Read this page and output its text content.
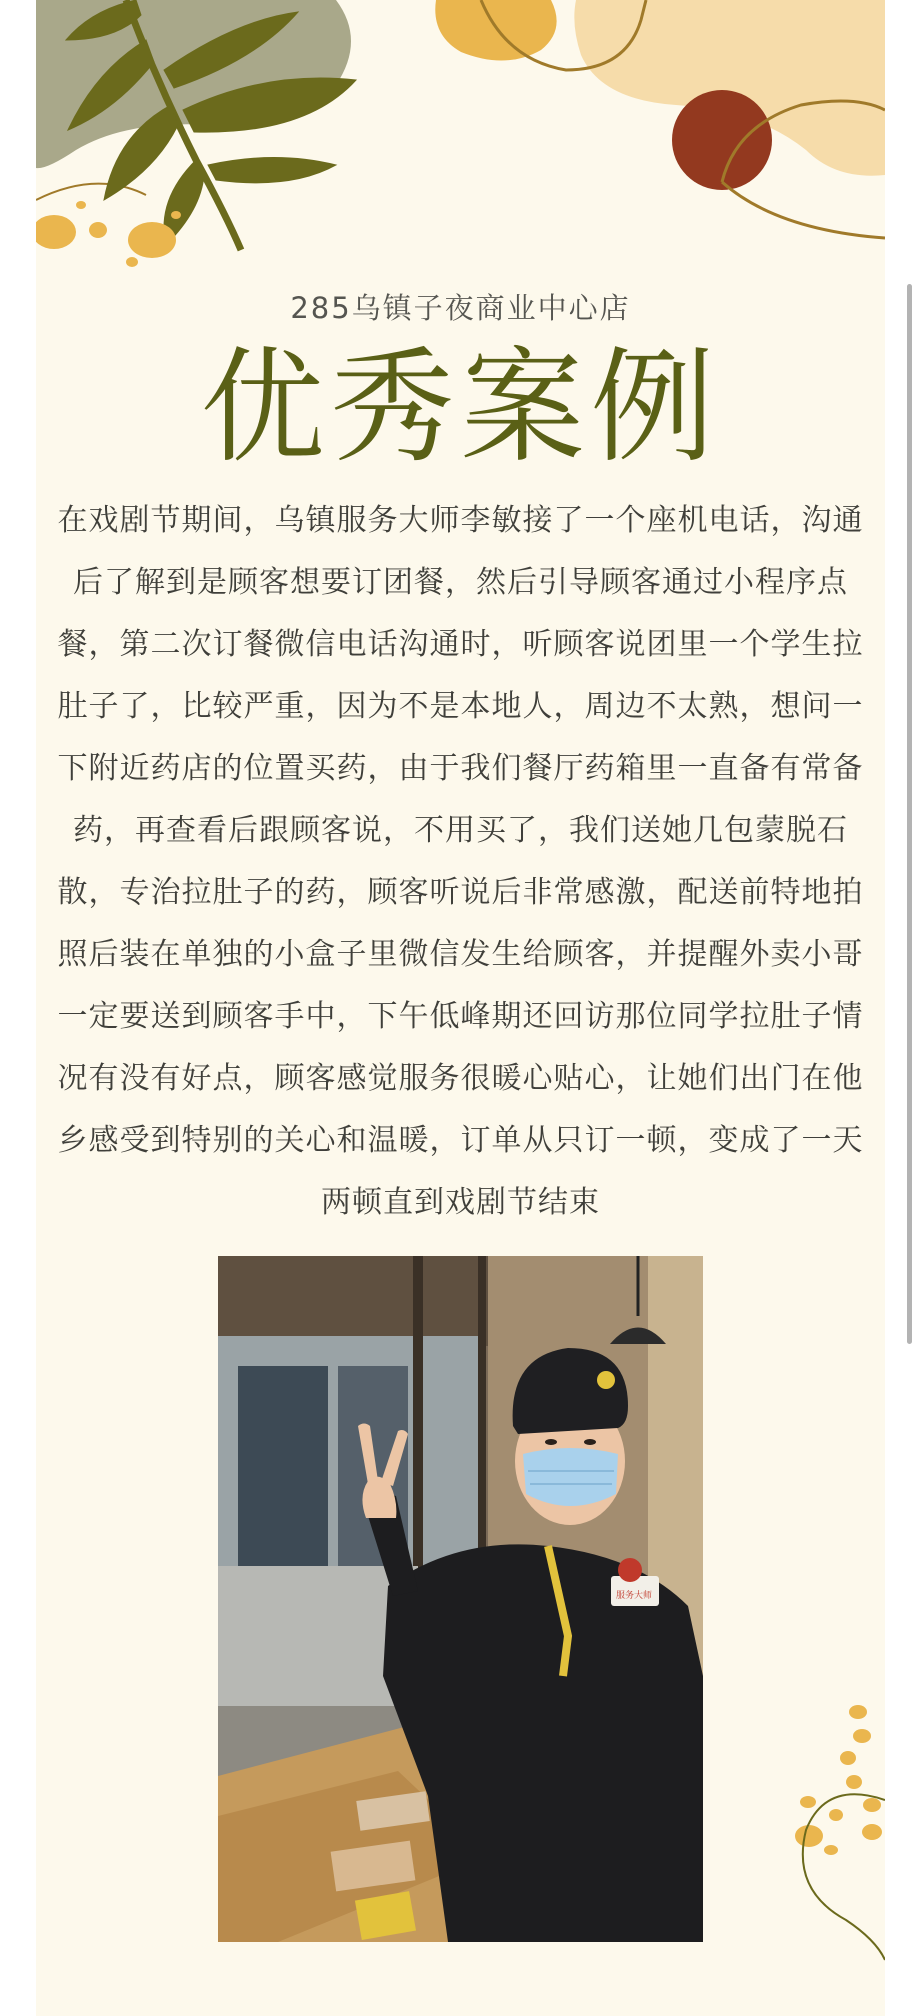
285乌镇子夜商业中心店
优秀案例
在戏剧节期间，乌镇服务大师李敏接了一个座机电话，沟通后了解到是顾客想要订团餐，然后引导顾客通过小程序点餐，第二次订餐微信电话沟通时，听顾客说团里一个学生拉肚子了，比较严重，因为不是本地人，周边不太熟，想问一下附近药店的位置买药，由于我们餐厅药箱里一直备有常备药，再查看后跟顾客说，不用买了，我们送她几包蒙脱石散，专治拉肚子的药，顾客听说后非常感激，配送前特地拍照后装在单独的小盒子里微信发生给顾客，并提醒外卖小哥一定要送到顾客手中，下午低峰期还回访那位同学拉肚子情况有没有好点，顾客感觉服务很暖心贴心，让她们出门在他乡感受到特别的关心和温暖，订单从只订一顿，变成了一天两顿直到戏剧节结束
服务大师
